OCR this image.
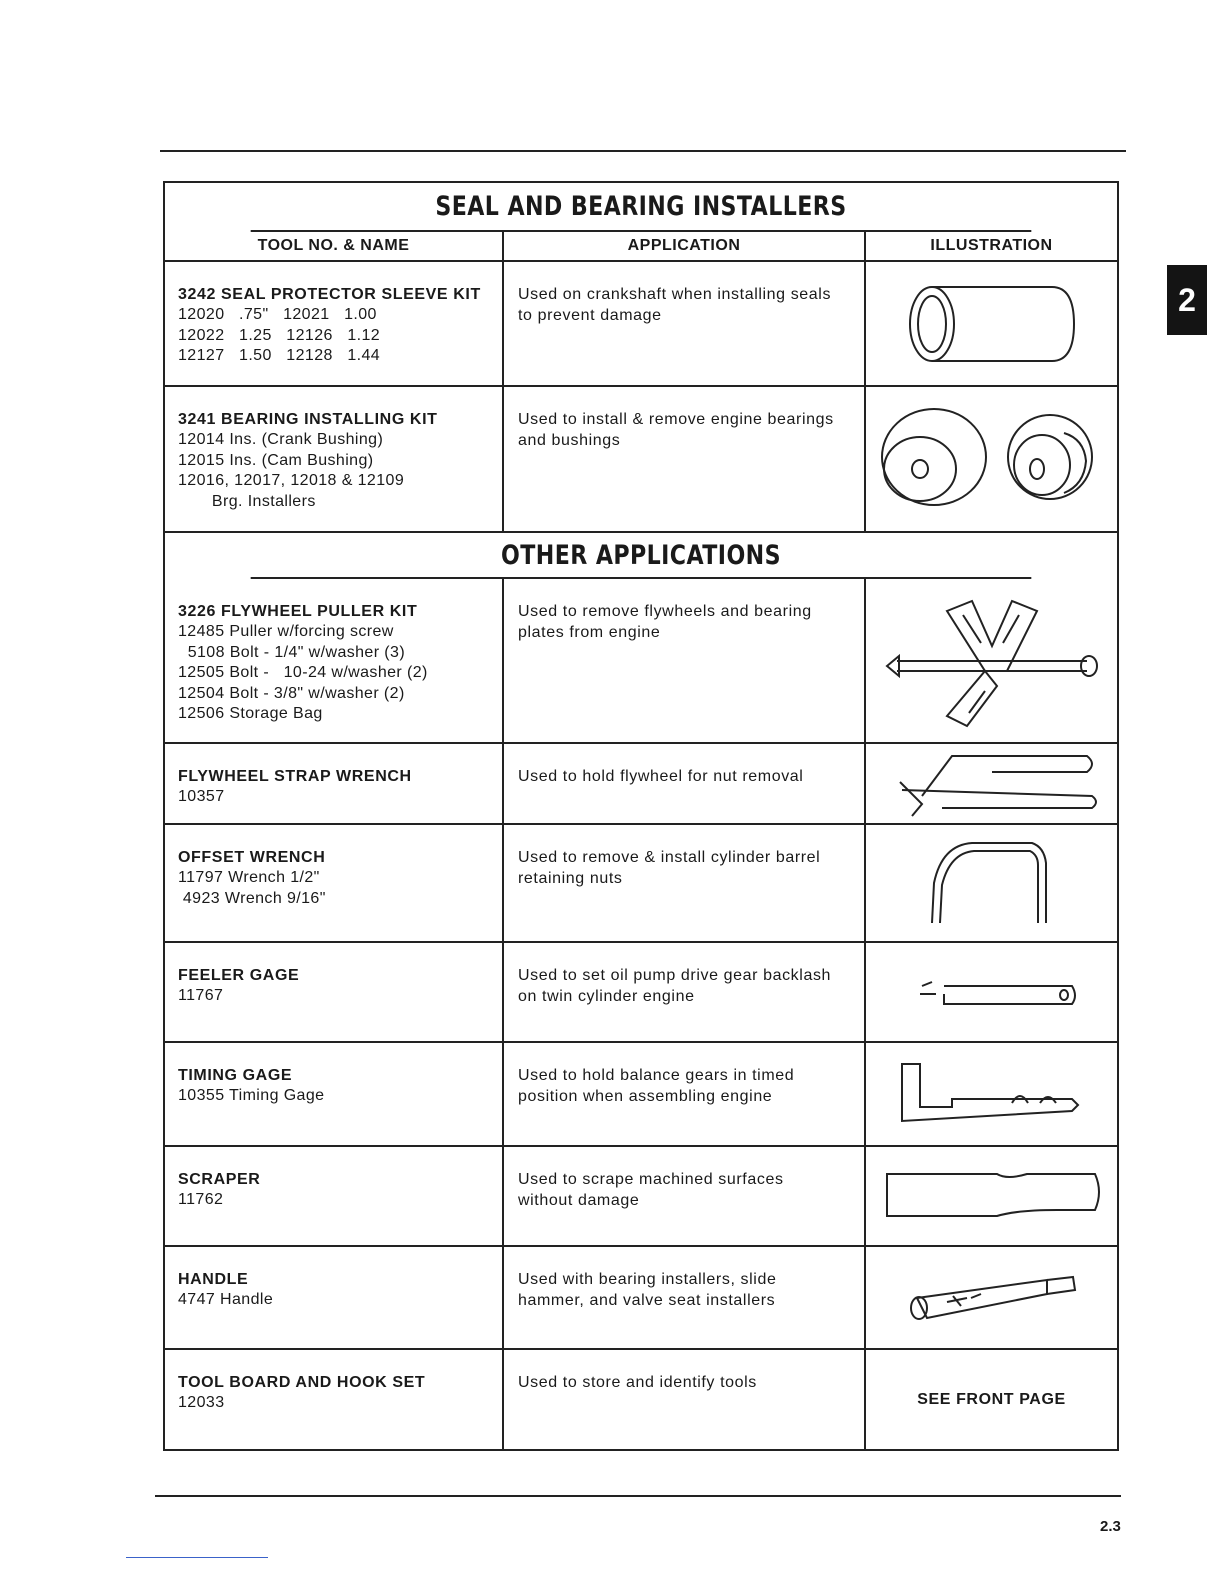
2
SEAL AND BEARING INSTALLERS
TOOL NO. & NAME	APPLICATION	ILLUSTRATION
3242 SEAL PROTECTOR SLEEVE KIT
12020   .75"   12021   1.00
12022   1.25   12126   1.12
12127   1.50   12128   1.44
Used on crankshaft when installing seals to prevent damage
3241 BEARING INSTALLING KIT
12014 Ins. (Crank Bushing)
12015 Ins. (Cam Bushing)
12016, 12017, 12018 & 12109
Brg. Installers
Used to install & remove engine bearings and bushings
OTHER APPLICATIONS
3226 FLYWHEEL PULLER KIT
12485 Puller w/forcing screw
5108 Bolt - 1/4" w/washer (3)
12505 Bolt -   10-24 w/washer (2)
12504 Bolt - 3/8" w/washer (2)
12506 Storage Bag
Used to remove flywheels and bearing plates from engine
FLYWHEEL STRAP WRENCH
10357
Used to hold flywheel for nut removal
OFFSET WRENCH
11797 Wrench 1/2"
4923 Wrench 9/16"
Used to remove & install cylinder barrel retaining nuts
FEELER GAGE
11767
Used to set oil pump drive gear backlash on twin cylinder engine
TIMING GAGE
10355 Timing Gage
Used to hold balance gears in timed position when assembling engine
SCRAPER
11762
Used to scrape machined surfaces without damage
HANDLE
4747 Handle
Used with bearing installers, slide hammer, and valve seat installers
TOOL BOARD AND HOOK SET
12033
Used to store and identify tools
SEE FRONT PAGE
2.3
